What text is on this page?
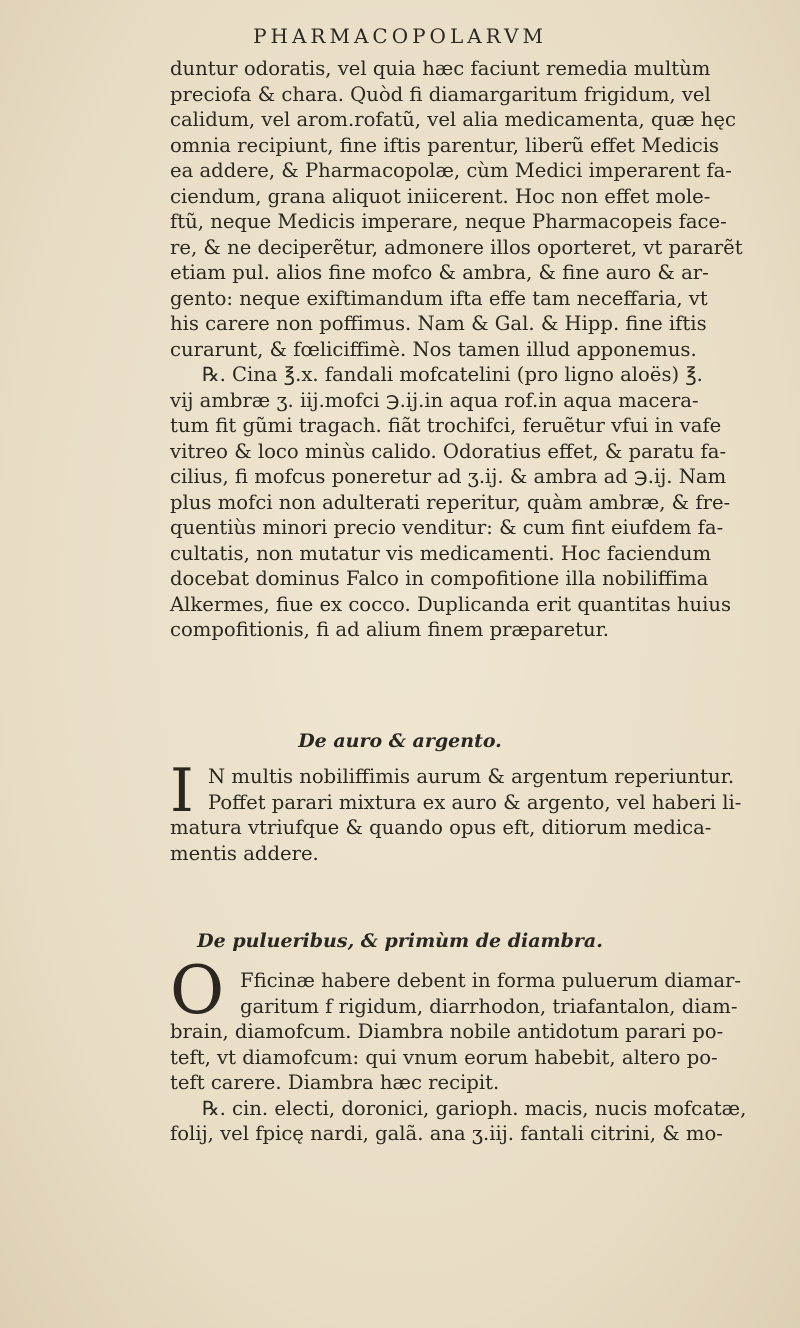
PHARMACOPOLARVM
duntur odoratis, vel quia hæc faciunt remedia multùm
preciofa & chara. Quòd fi diamargaritum frigidum, vel
calidum, vel arom.rofatũ, vel alia medicamenta, quæ hęc
omnia recipiunt, fine iftis parentur, liberũ effet Medicis
ea addere, & Pharmacopolæ, cùm Medici imperarent fa-
ciendum, grana aliquot iniicerent. Hoc non effet mole-
ftũ, neque Medicis imperare, neque Pharmacopeis face-
re, & ne deciperẽtur, admonere illos oporteret, vt pararẽt
etiam pul. alios fine mofco & ambra, & fine auro & ar-
gento: neque exiftimandum ifta effe tam neceffaria, vt
his carere non poffimus. Nam & Gal. & Hipp. fine iftis
curarunt, & fœliciffimè. Nos tamen illud apponemus.
℞. Cina ℥.x. fandali mofcatelini (pro ligno aloës) ℥.
vij ambræ ʒ. iij.mofci ℈.ij.in aqua rof.in aqua macera-
tum fit gũmi tragach. fiãt trochifci, feruẽtur vfui in vafe
vitreo & loco minùs calido. Odoratius effet, & paratu fa-
cilius, fi mofcus poneretur ad ʒ.ij. & ambra ad ℈.ij. Nam
plus mofci non adulterati reperitur, quàm ambræ, & fre-
quentiùs minori precio venditur: & cum fint eiufdem fa-
cultatis, non mutatur vis medicamenti. Hoc faciendum
docebat dominus Falco in compofitione illa nobiliffima
Alkermes, fiue ex cocco. Duplicanda erit quantitas huius
compofitionis, fi ad alium finem præparetur.
De auro & argento.
I N multis nobiliffimis aurum & argentum reperiuntur.
Poffet parari mixtura ex auro & argento, vel haberi li-
matura vtriufque & quando opus eft, ditiorum medica-
mentis addere.
De pulueribus, & primùm de diambra.
O Fficinæ habere debent in forma puluerum diamar-
garitum f rigidum, diarrhodon, triafantalon, diam-
brain, diamofcum. Diambra nobile antidotum parari po-
teft, vt diamofcum: qui vnum eorum habebit, altero po-
teft carere. Diambra hæc recipit.
℞. cin. electi, doronici, garioph. macis, nucis mofcatæ,
folij, vel fpicę nardi, galã. ana ʒ.iij. fantali citrini, & mo-
